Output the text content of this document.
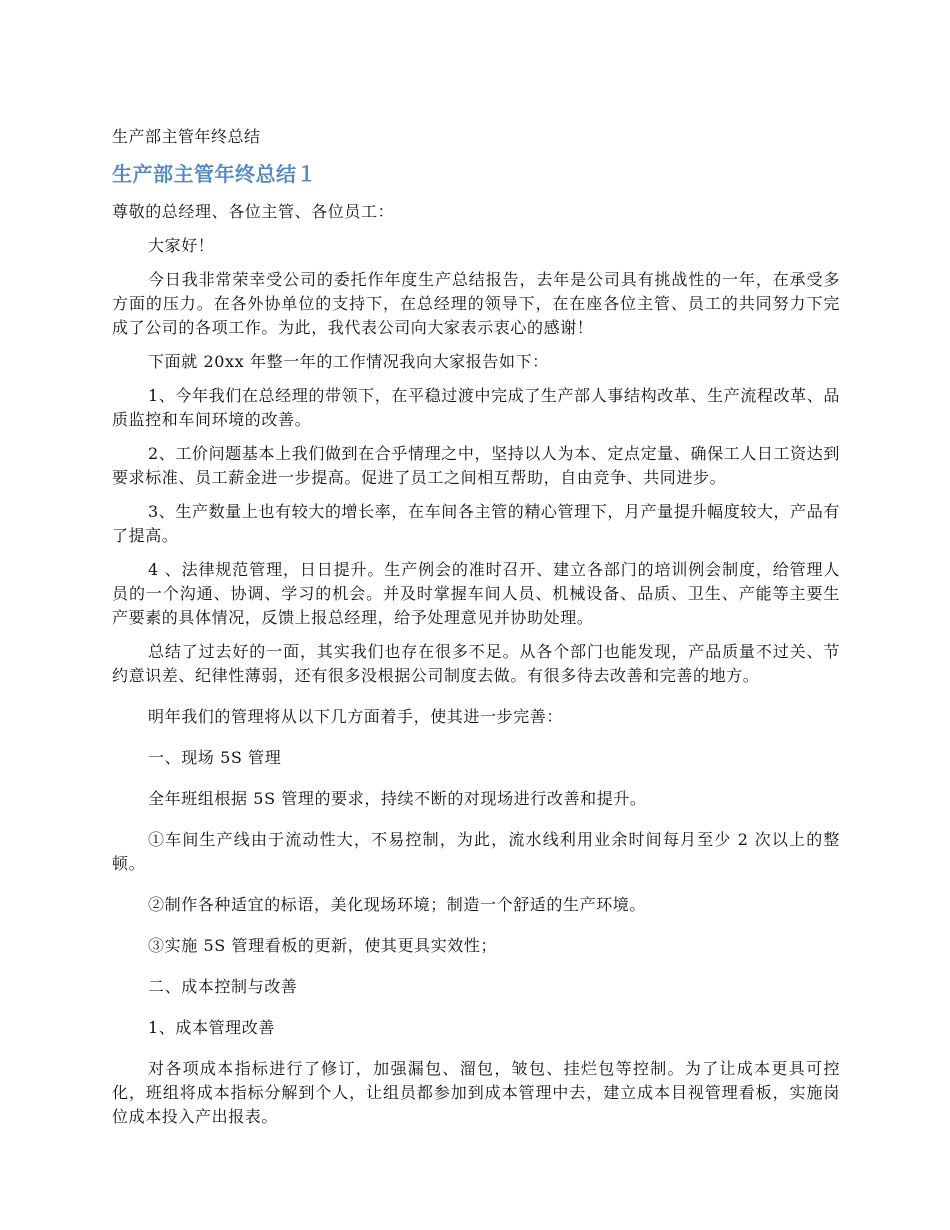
生产部主管年终总结
生产部主管年终总结１

尊敬的总经理、各位主管、各位员工：

大家好！

今日我非常荣幸受公司的委托作年度生产总结报告，去年是公司具有挑战性的一年，在承受多方面的压力。在各外协单位的支持下，在总经理的领导下，在在座各位主管、员工的共同努力下完成了公司的各项工作。为此，我代表公司向大家表示衷心的感谢！

下面就 20xx 年整一年的工作情况我向大家报告如下：

1、今年我们在总经理的带领下，在平稳过渡中完成了生产部人事结构改革、生产流程改革、品质监控和车间环境的改善。

2、工价问题基本上我们做到在合乎情理之中，坚持以人为本、定点定量、确保工人日工资达到要求标准、员工薪金进一步提高。促进了员工之间相互帮助，自由竞争、共同进步。

3、生产数量上也有较大的增长率，在车间各主管的精心管理下，月产量提升幅度较大，产品有了提高。

4 、法律规范管理，日日提升。生产例会的准时召开、建立各部门的培训例会制度，给管理人员的一个沟通、协调、学习的机会。并及时掌握车间人员、机械设备、品质、卫生、产能等主要生产要素的具体情况，反馈上报总经理，给予处理意见并协助处理。

总结了过去好的一面，其实我们也存在很多不足。从各个部门也能发现，产品质量不过关、节约意识差、纪律性薄弱，还有很多没根据公司制度去做。有很多待去改善和完善的地方。

明年我们的管理将从以下几方面着手，使其进一步完善：

一、现场 5S 管理

全年班组根据 5S 管理的要求，持续不断的对现场进行改善和提升。

①车间生产线由于流动性大，不易控制，为此，流水线利用业余时间每月至少 2 次以上的整顿。

②制作各种适宜的标语，美化现场环境；制造一个舒适的生产环境。

③实施 5S 管理看板的更新，使其更具实效性；

二、成本控制与改善

1、成本管理改善

对各项成本指标进行了修订，加强漏包、溜包，皱包、挂烂包等控制。为了让成本更具可控化，班组将成本指标分解到个人，让组员都参加到成本管理中去，建立成本目视管理看板，实施岗位成本投入产出报表。
